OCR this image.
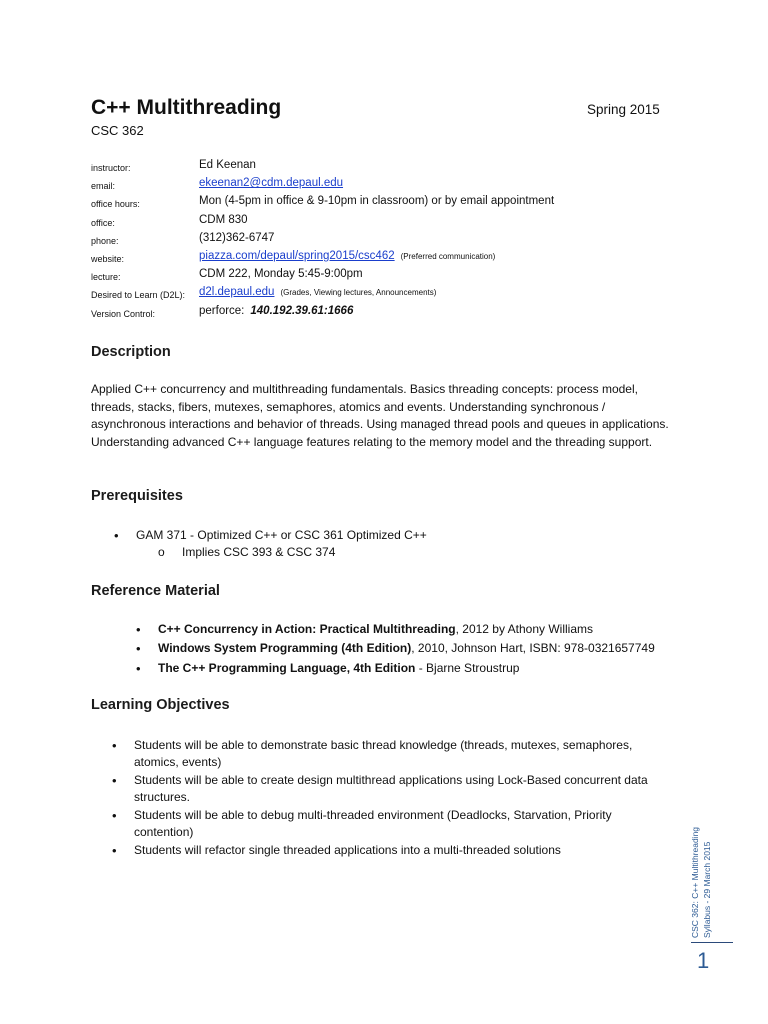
C++ Multithreading	Spring 2015
CSC 362
instructor:	Ed Keenan
email:	ekeenan2@cdm.depaul.edu
office hours:	Mon (4-5pm in office & 9-10pm in classroom) or by email appointment
office:	CDM 830
phone:	(312)362-6747
website:	piazza.com/depaul/spring2015/csc462 (Preferred communication)
lecture:	CDM 222, Monday 5:45-9:00pm
Desired to Learn (D2L): d2l.depaul.edu (Grades, Viewing lectures, Announcements)
Version Control:	perforce: 140.192.39.61:1666
Description
Applied C++ concurrency and multithreading fundamentals. Basics threading concepts: process model, threads, stacks, fibers, mutexes, semaphores, atomics and events. Understanding synchronous / asynchronous interactions and behavior of threads. Using managed thread pools and queues in applications. Understanding advanced C++ language features relating to the memory model and the threading support.
Prerequisites
• GAM 371 - Optimized C++ or CSC 361 Optimized C++
o Implies CSC 393 & CSC 374
Reference Material
• C++ Concurrency in Action: Practical Multithreading, 2012 by Athony Williams
• Windows System Programming (4th Edition), 2010, Johnson Hart, ISBN: 978-0321657749
• The C++ Programming Language, 4th Edition - Bjarne Stroustrup
Learning Objectives
• Students will be able to demonstrate basic thread knowledge (threads, mutexes, semaphores, atomics, events)
• Students will be able to create design multithread applications using Lock-Based concurrent data structures.
• Students will be able to debug multi-threaded environment (Deadlocks, Starvation, Priority contention)
• Students will refactor single threaded applications into a multi-threaded solutions	CSC 362: C++ Multithreading Syllabus - 29 March 2015
1
